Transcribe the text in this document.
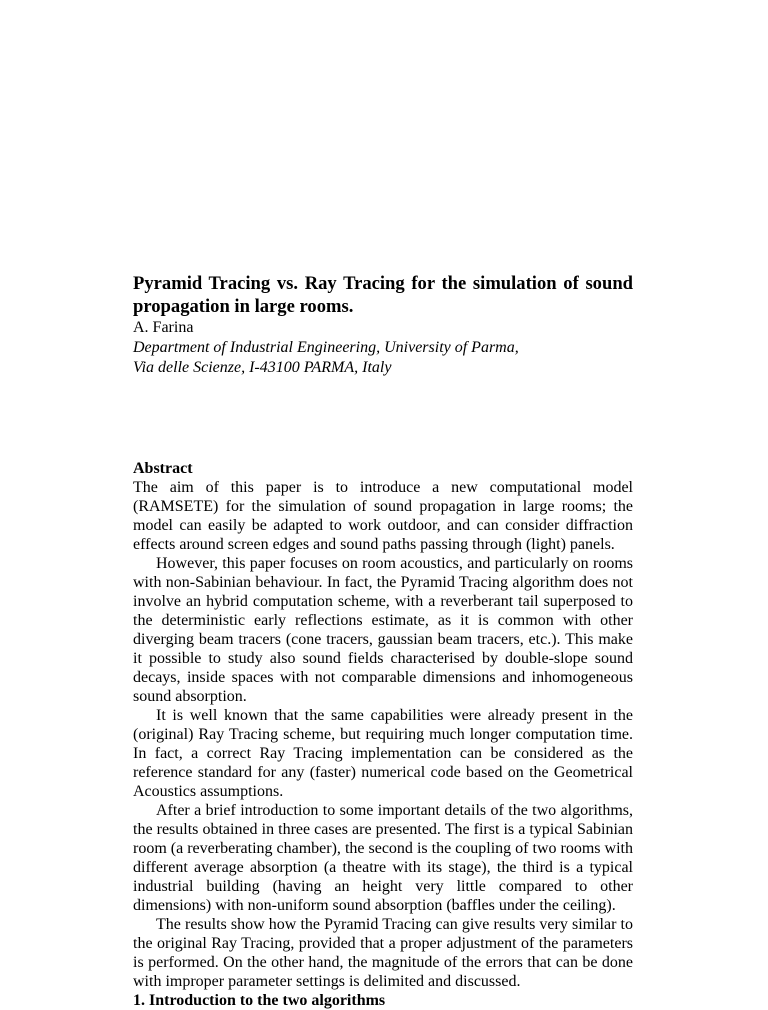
Pyramid Tracing vs. Ray Tracing for the simulation of sound propagation in large rooms.
A. Farina
Department of Industrial Engineering, University of Parma,
Via delle Scienze, I-43100 PARMA, Italy
Abstract

The aim of this paper is to introduce a new computational model (RAMSETE) for the simulation of sound propagation in large rooms; the model can easily be adapted to work outdoor, and can consider diffraction effects around screen edges and sound paths passing through (light) panels.

However, this paper focuses on room acoustics, and particularly on rooms with non-Sabinian behaviour. In fact, the Pyramid Tracing algorithm does not involve an hybrid computation scheme, with a reverberant tail superposed to the deterministic early reflections estimate, as it is common with other diverging beam tracers (cone tracers, gaussian beam tracers, etc.). This make it possible to study also sound fields characterised by double-slope sound decays, inside spaces with not comparable dimensions and inhomogeneous sound absorption.

It is well known that the same capabilities were already present in the (original) Ray Tracing scheme, but requiring much longer computation time. In fact, a correct Ray Tracing implementation can be considered as the reference standard for any (faster) numerical code based on the Geometrical Acoustics assumptions.

After a brief introduction to some important details of the two algorithms, the results obtained in three cases are presented. The first is a typical Sabinian room (a reverberating chamber), the second is the coupling of two rooms with different average absorption (a theatre with its stage), the third is a typical industrial building (having an height very little compared to other dimensions) with non-uniform sound absorption (baffles under the ceiling).

The results show how the Pyramid Tracing can give results very similar to the original Ray Tracing, provided that a proper adjustment of the parameters is performed. On the other hand, the magnitude of the errors that can be done with improper parameter settings is delimited and discussed.

1. Introduction to the two algorithms
